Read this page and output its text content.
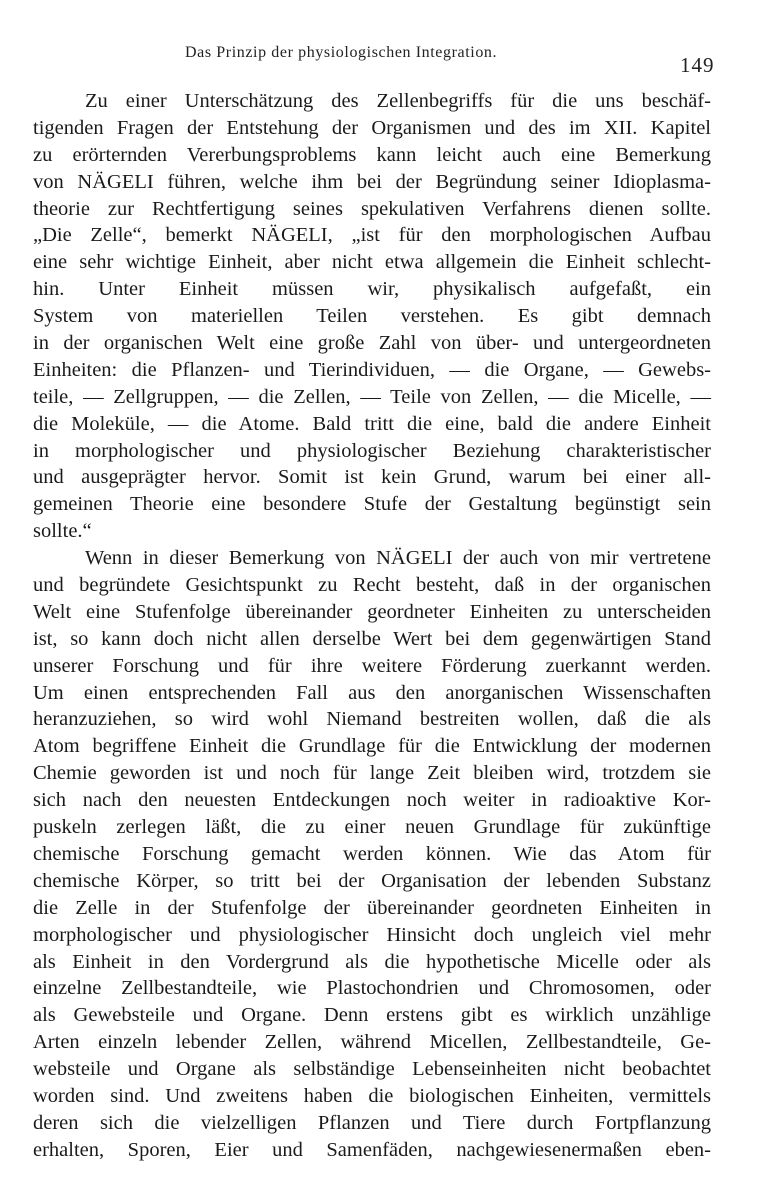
Das Prinzip der physiologischen Integration.
149
Zu einer Unterschätzung des Zellenbegriffs für die uns beschäf-
tigenden Fragen der Entstehung der Organismen und des im XII. Kapitel
zu erörternden Vererbungsproblems kann leicht auch eine Bemerkung
von NÄGELI führen, welche ihm bei der Begründung seiner Idioplasma-
theorie zur Rechtfertigung seines spekulativen Verfahrens dienen sollte.
„Die Zelle“, bemerkt NÄGELI, „ist für den morphologischen Aufbau
eine sehr wichtige Einheit, aber nicht etwa allgemein die Einheit schlecht-
hin. Unter Einheit müssen wir, physikalisch aufgefaßt, ein
System von materiellen Teilen verstehen. Es gibt demnach
in der organischen Welt eine große Zahl von über- und untergeordneten
Einheiten: die Pflanzen- und Tierindividuen, — die Organe, — Gewebs-
teile, — Zellgruppen, — die Zellen, — Teile von Zellen, — die Micelle, —
die Moleküle, — die Atome. Bald tritt die eine, bald die andere Einheit
in morphologischer und physiologischer Beziehung charakteristischer
und ausgeprägter hervor. Somit ist kein Grund, warum bei einer all-
gemeinen Theorie eine besondere Stufe der Gestaltung begünstigt sein
sollte.“
Wenn in dieser Bemerkung von NÄGELI der auch von mir vertretene
und begründete Gesichtspunkt zu Recht besteht, daß in der organischen
Welt eine Stufenfolge übereinander geordneter Einheiten zu unterscheiden
ist, so kann doch nicht allen derselbe Wert bei dem gegenwärtigen Stand
unserer Forschung und für ihre weitere Förderung zuerkannt werden.
Um einen entsprechenden Fall aus den anorganischen Wissenschaften
heranzuziehen, so wird wohl Niemand bestreiten wollen, daß die als
Atom begriffene Einheit die Grundlage für die Entwicklung der modernen
Chemie geworden ist und noch für lange Zeit bleiben wird, trotzdem sie
sich nach den neuesten Entdeckungen noch weiter in radioaktive Kor-
puskeln zerlegen läßt, die zu einer neuen Grundlage für zukünftige
chemische Forschung gemacht werden können. Wie das Atom für
chemische Körper, so tritt bei der Organisation der lebenden Substanz
die Zelle in der Stufenfolge der übereinander geordneten Einheiten in
morphologischer und physiologischer Hinsicht doch ungleich viel mehr
als Einheit in den Vordergrund als die hypothetische Micelle oder als
einzelne Zellbestandteile, wie Plastochondrien und Chromosomen, oder
als Gewebsteile und Organe. Denn erstens gibt es wirklich unzählige
Arten einzeln lebender Zellen, während Micellen, Zellbestandteile, Ge-
websteile und Organe als selbständige Lebenseinheiten nicht beobachtet
worden sind. Und zweitens haben die biologischen Einheiten, vermittels
deren sich die vielzelligen Pflanzen und Tiere durch Fortpflanzung
erhalten, Sporen, Eier und Samenfäden, nachgewiesenermaßen eben-
